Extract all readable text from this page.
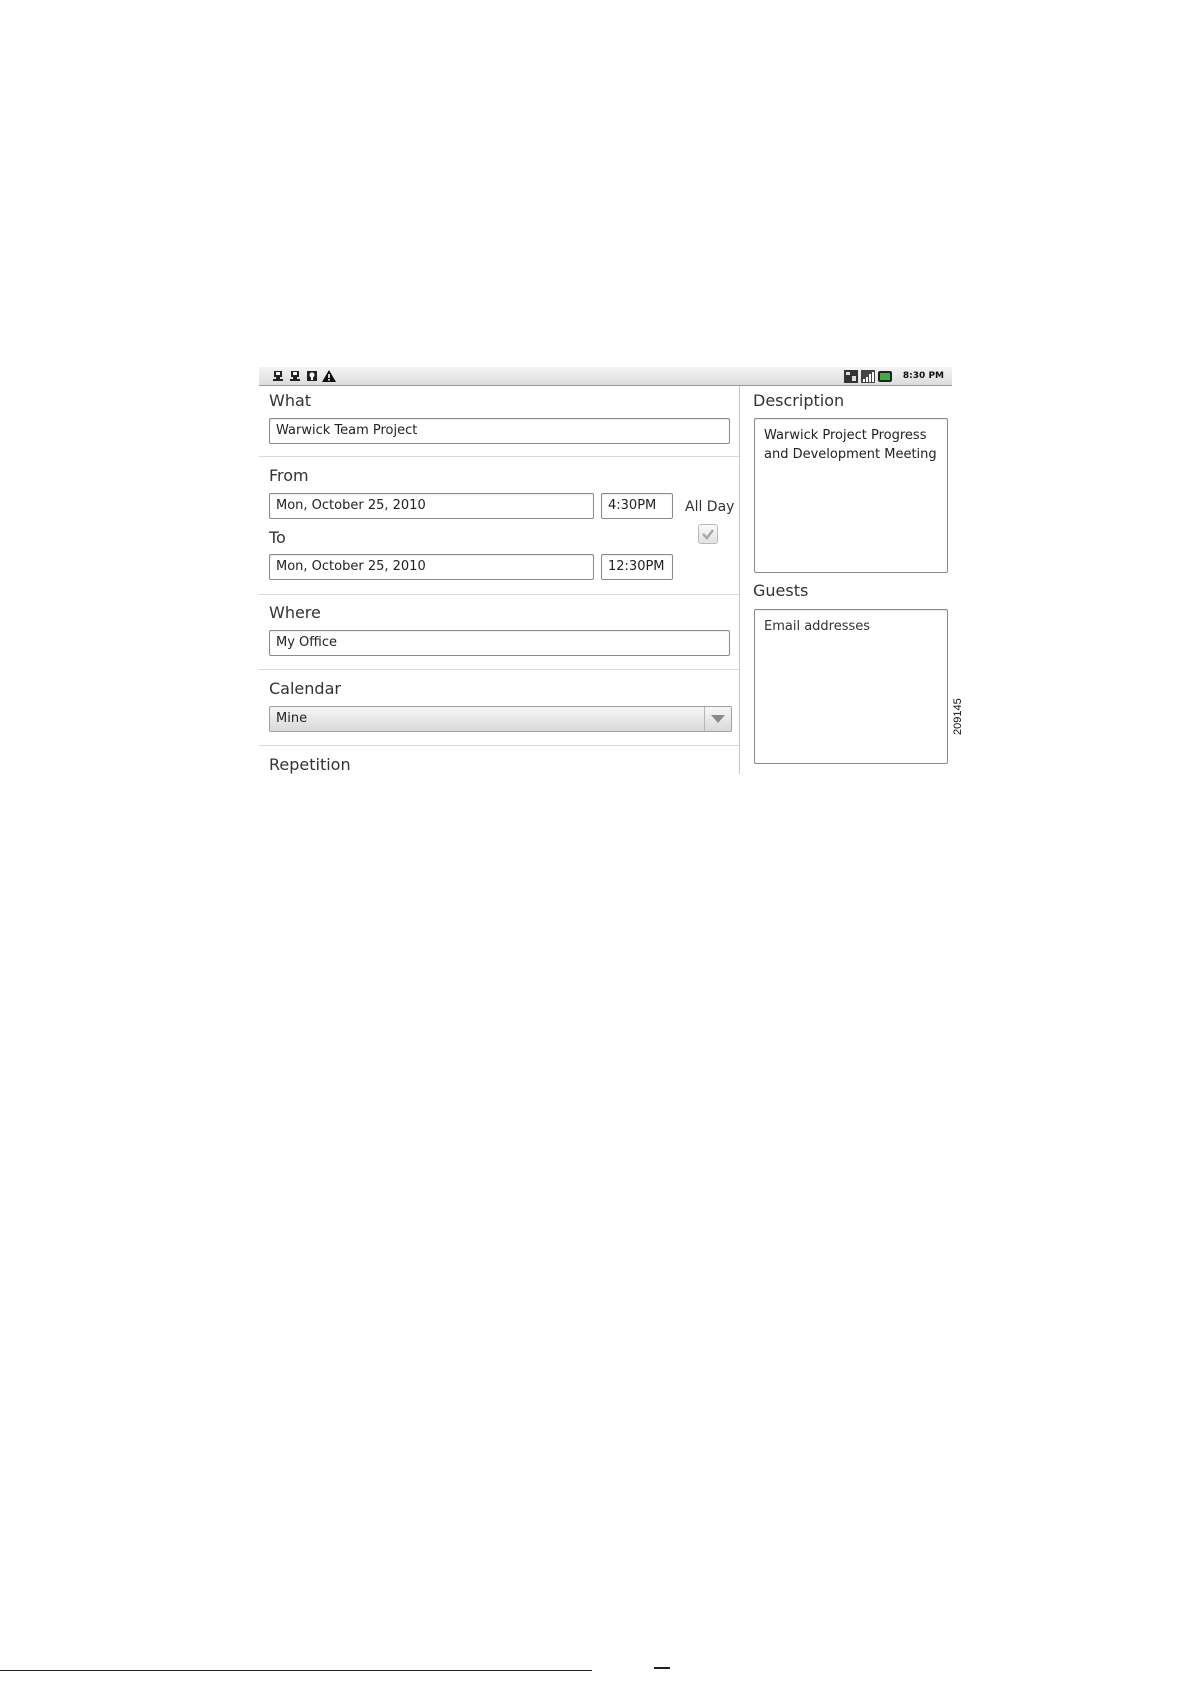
8:30 PM
What
Warwick Team Project
From
Mon, October 25, 2010	4:30PM	All Day
To
Mon, October 25, 2010	12:30PM
Where
My Office
Calendar
Mine
Repetition
Description
Warwick Project Progress and Development Meeting
Guests
Email addresses
209145
